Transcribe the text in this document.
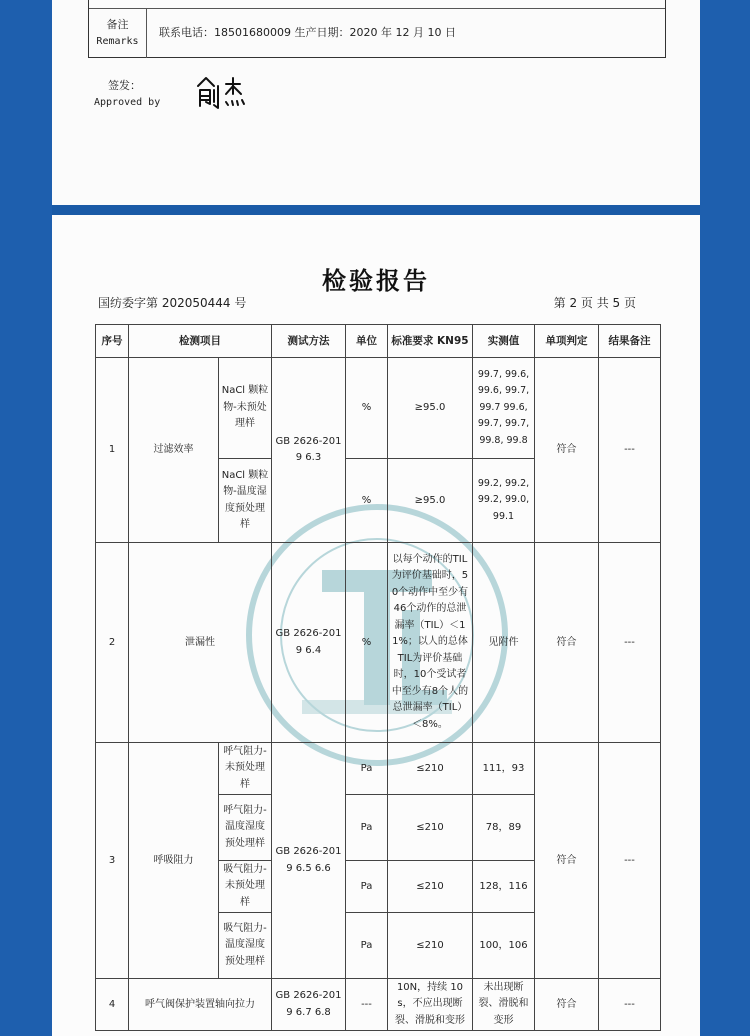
备注
Remarks
联系电话：18501680009 生产日期：2020 年 12 月 10 日
签发：
Approved by
检验报告
国纺委字第 202050444 号	第 2 页 共 5 页
序号	检测项目		测试方法	单位	标准要求 KN95	实测值	单项判定	结果备注
1	过滤效率	NaCl 颗粒物-未预处理样	GB 2626-2019 6.3	%	≥95.0	99.7, 99.6, 99.6, 99.7, 99.7 99.6, 99.7, 99.7, 99.8, 99.8	符合	---
		NaCl 颗粒物-温度湿度预处理样		%	≥95.0	99.2, 99.2, 99.2, 99.0, 99.1		
2	泄漏性		GB 2626-2019 6.4	%	以每个动作的TIL为评价基础时，50个动作中至少有46个动作的总泄漏率（TIL）＜11%；以人的总体TIL为评价基础时，10个受试者中至少有8个人的总泄漏率（TIL）＜8%。	见附件	符合	---
3	呼吸阻力	呼气阻力-未预处理样	GB 2626-2019 6.5 6.6	Pa	≤210	111，93	符合	---
		呼气阻力-温度湿度预处理样		Pa	≤210	78，89		
		吸气阻力-未预处理样		Pa	≤210	128，116		
		吸气阻力-温度湿度预处理样		Pa	≤210	100，106		
4	呼气阀保护装置轴向拉力		GB 2626-2019 6.7 6.8	---	10N，持续 10s，不应出现断裂、滑脱和变形	未出现断裂、滑脱和变形	符合	---
